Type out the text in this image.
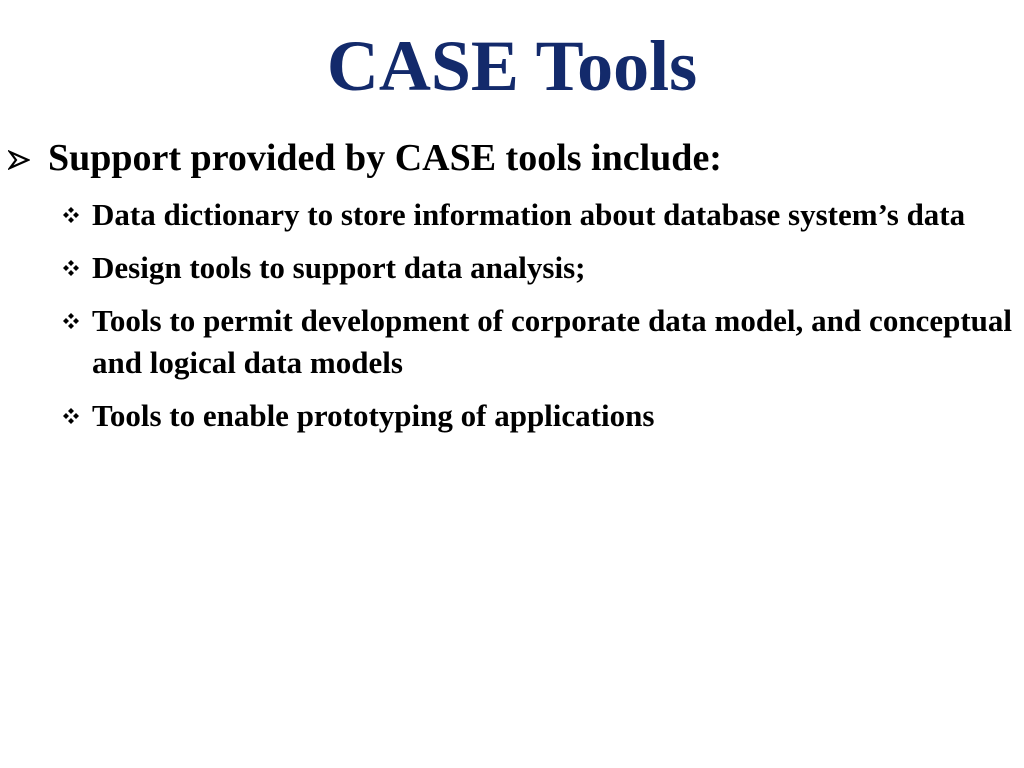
CASE Tools
Support provided by CASE tools include:
Data dictionary to store information about database system’s data
Design tools to support data analysis;
Tools to permit development of corporate data model, and conceptual and logical data models
Tools to enable prototyping of applications
